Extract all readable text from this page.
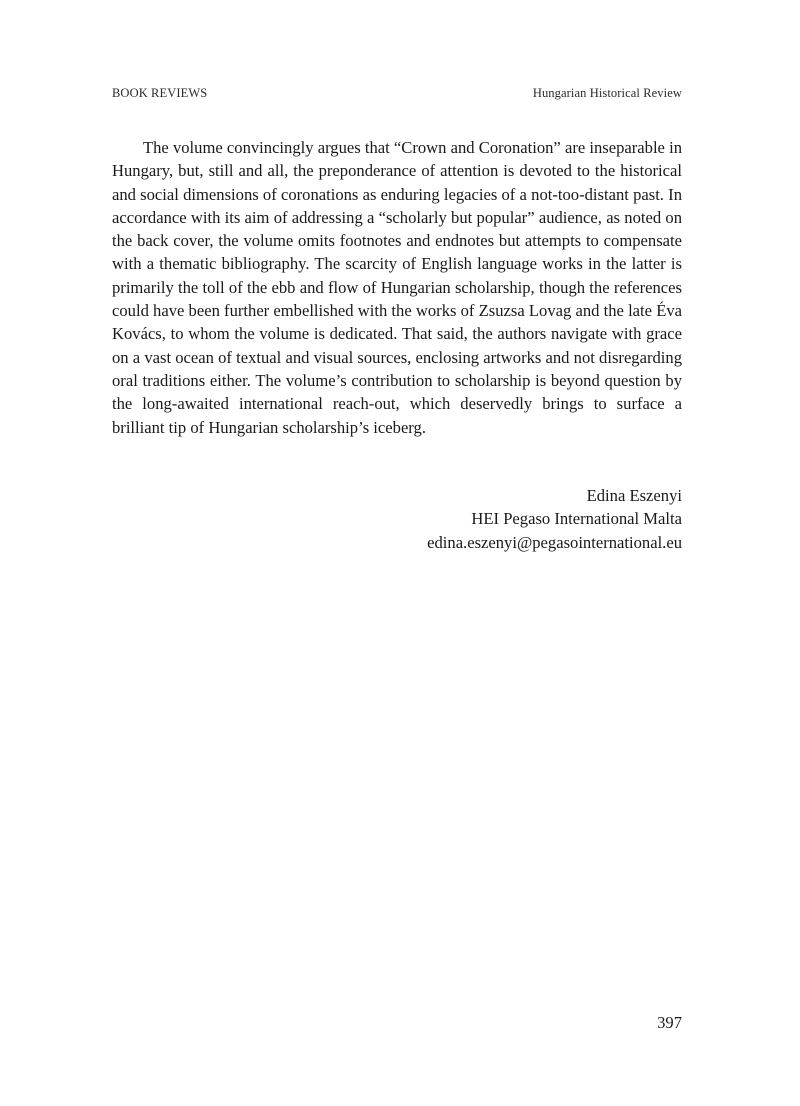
BOOK REVIEWS	Hungarian Historical Review

The volume convincingly argues that “Crown and Coronation” are inseparable in Hungary, but, still and all, the preponderance of attention is devoted to the historical and social dimensions of coronations as enduring legacies of a not-too-distant past. In accordance with its aim of addressing a “scholarly but popular” audience, as noted on the back cover, the volume omits footnotes and endnotes but attempts to compensate with a thematic bibliography. The scarcity of English language works in the latter is primarily the toll of the ebb and flow of Hungarian scholarship, though the references could have been further embellished with the works of Zsuzsa Lovag and the late Éva Kovács, to whom the volume is dedicated. That said, the authors navigate with grace on a vast ocean of textual and visual sources, enclosing artworks and not disregarding oral traditions either. The volume’s contribution to scholarship is beyond question by the long-awaited international reach-out, which deservedly brings to surface a brilliant tip of Hungarian scholarship’s iceberg.

Edina Eszenyi
HEI Pegaso International Malta
edina.eszenyi@pegasointernational.eu
397
